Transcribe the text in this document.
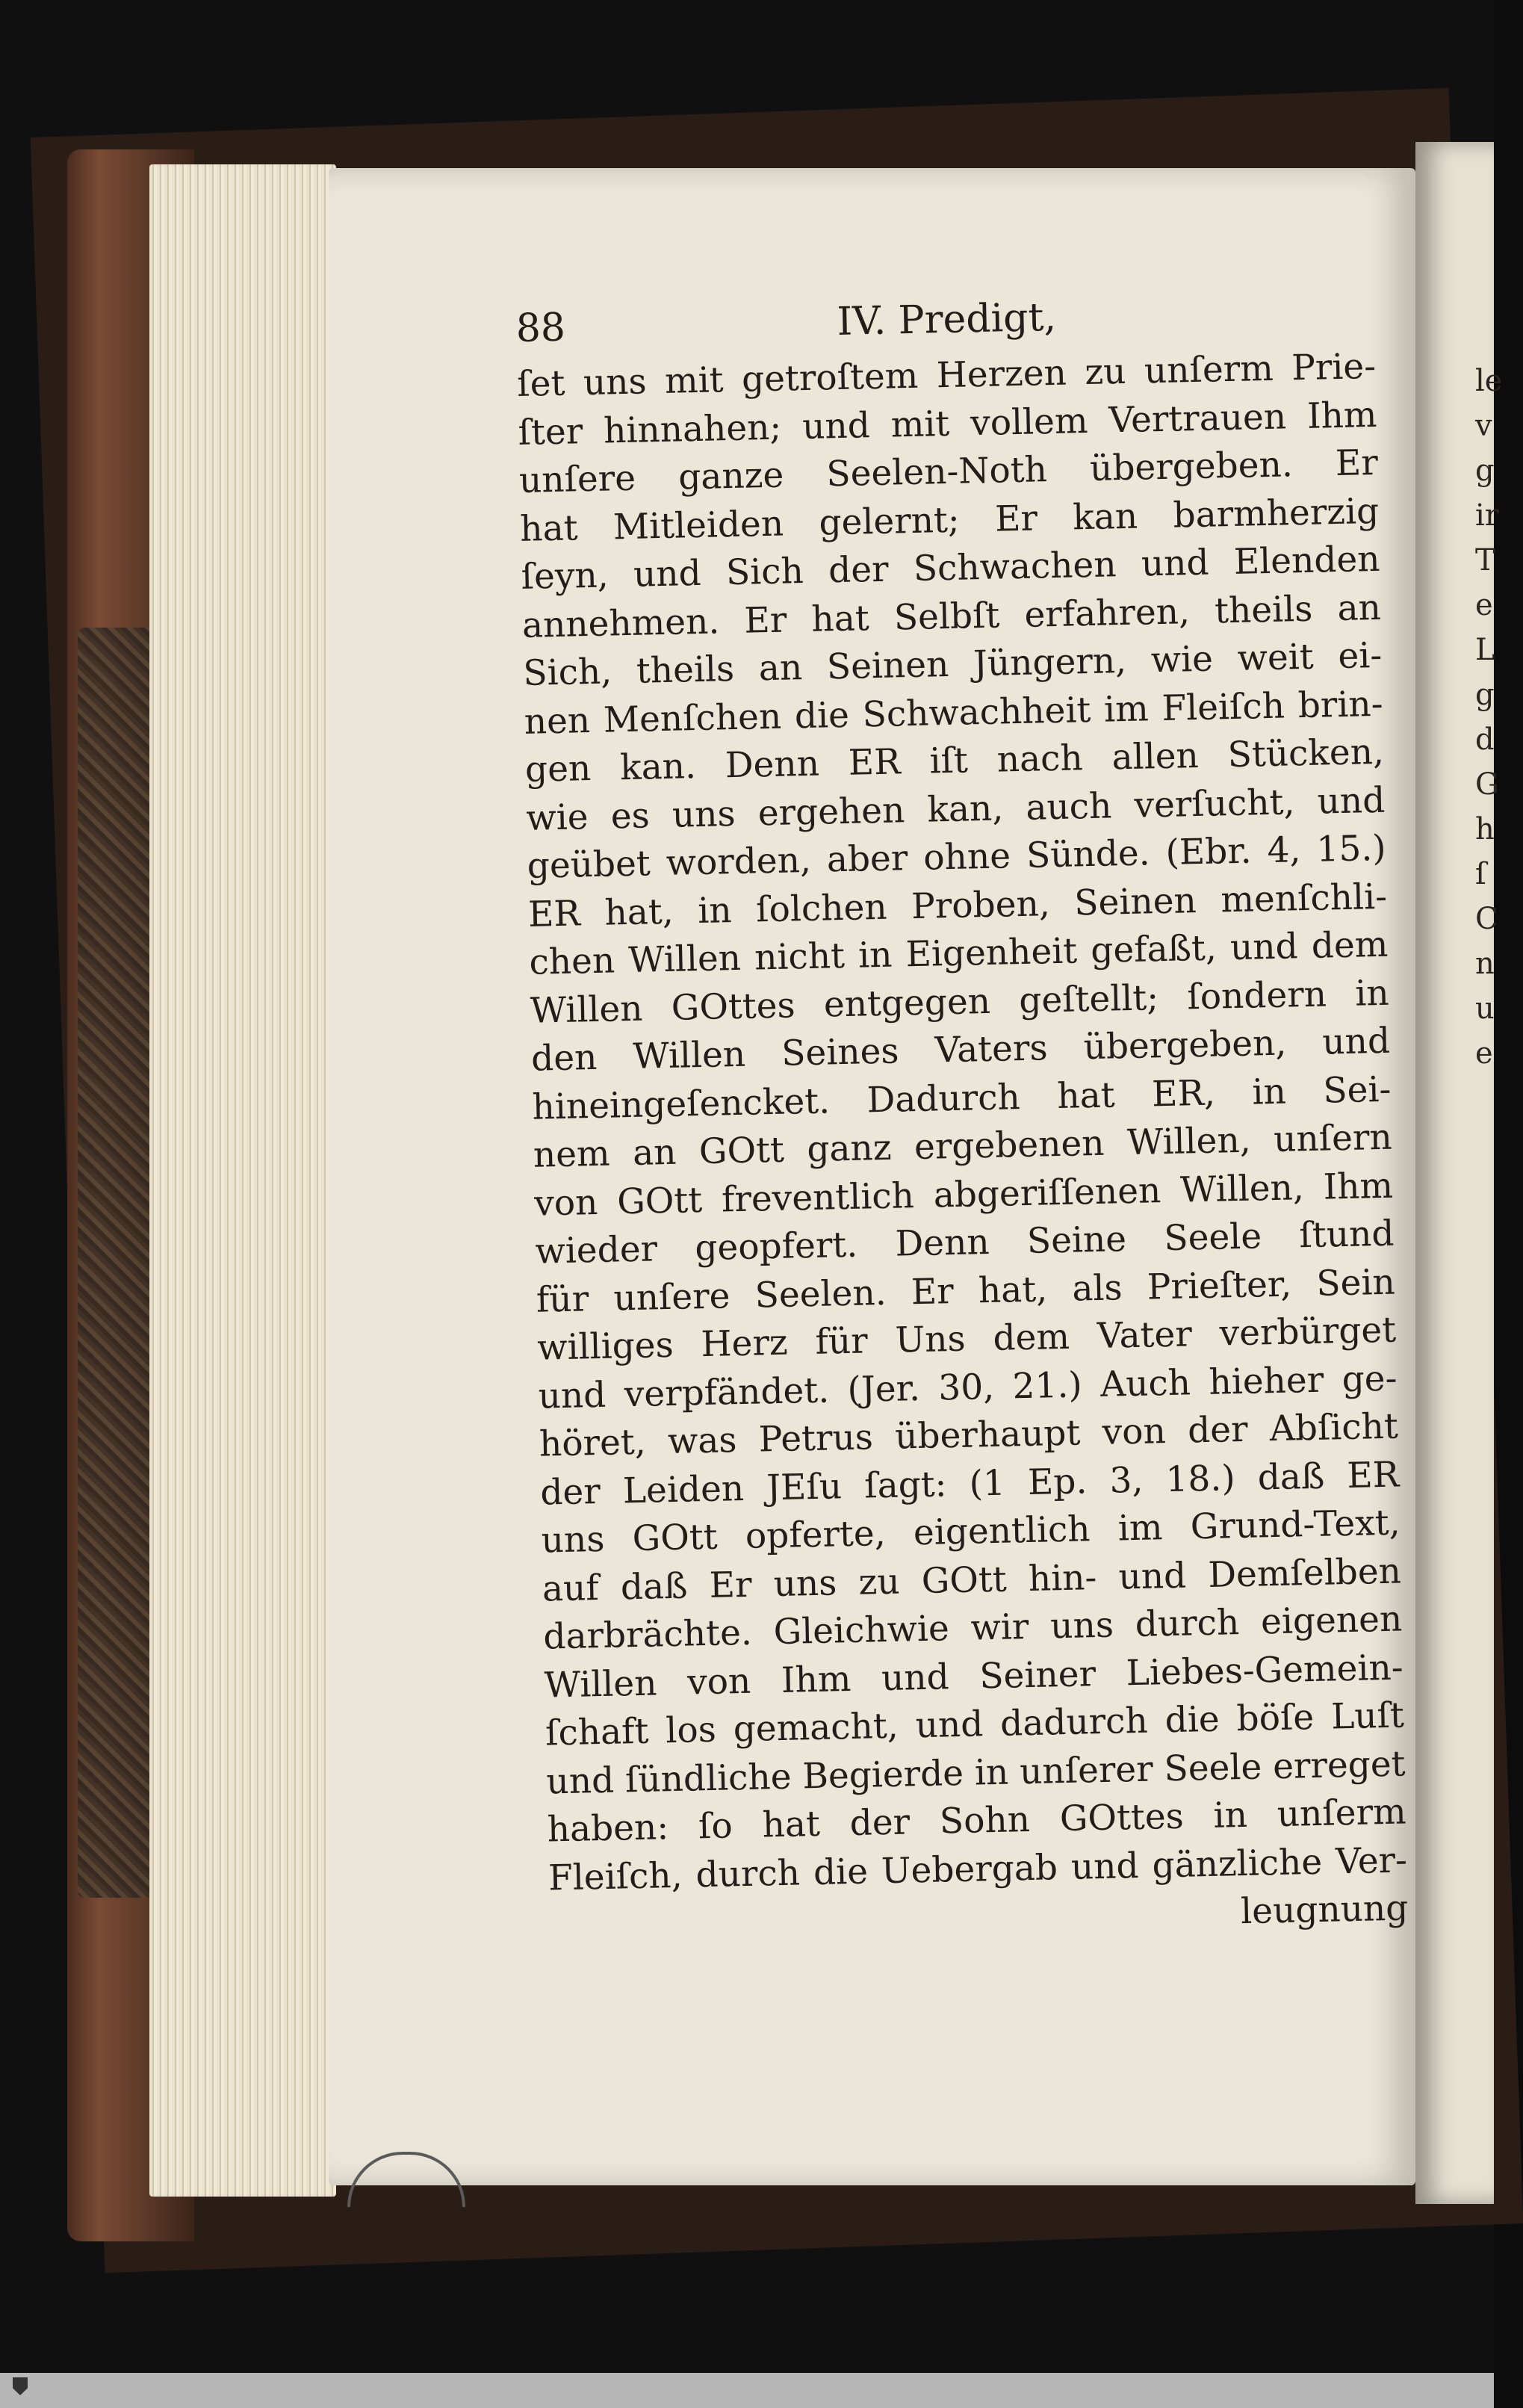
le
v
g
ir
T
e
L
g
d
G
h
ſ
C
n
u
e
88	IV. Predigt,
ſet uns mit getroſtem Herzen zu unſerm Prie-
ſter hinnahen; und mit vollem Vertrauen Ihm
unſere ganze Seelen-Noth übergeben. Er
hat Mitleiden gelernt; Er kan barmherzig
ſeyn, und Sich der Schwachen und Elenden
annehmen. Er hat Selbſt erfahren, theils an
Sich, theils an Seinen Jüngern, wie weit ei-
nen Menſchen die Schwachheit im Fleiſch brin-
gen kan. Denn ER iſt nach allen Stücken,
wie es uns ergehen kan, auch verſucht, und
geübet worden, aber ohne Sünde. (Ebr. 4, 15.)
ER hat, in ſolchen Proben, Seinen menſchli-
chen Willen nicht in Eigenheit gefaßt, und dem
Willen GOttes entgegen geſtellt; ſondern in
den Willen Seines Vaters übergeben, und
hineingeſencket. Dadurch hat ER, in Sei-
nem an GOtt ganz ergebenen Willen, unſern
von GOtt freventlich abgeriſſenen Willen, Ihm
wieder geopfert. Denn Seine Seele ſtund
für unſere Seelen. Er hat, als Prieſter, Sein
williges Herz für Uns dem Vater verbürget
und verpfändet. (Jer. 30, 21.) Auch hieher ge-
höret, was Petrus überhaupt von der Abſicht
der Leiden JEſu ſagt: (1 Ep. 3, 18.) daß ER
uns GOtt opferte, eigentlich im Grund-Text,
auf daß Er uns zu GOtt hin- und Demſelben
darbrächte. Gleichwie wir uns durch eigenen
Willen von Ihm und Seiner Liebes-Gemein-
ſchaft los gemacht, und dadurch die böſe Luſt
und ſündliche Begierde in unſerer Seele erreget
haben: ſo hat der Sohn GOttes in unſerm
Fleiſch, durch die Uebergab und gänzliche Ver-
leugnung
